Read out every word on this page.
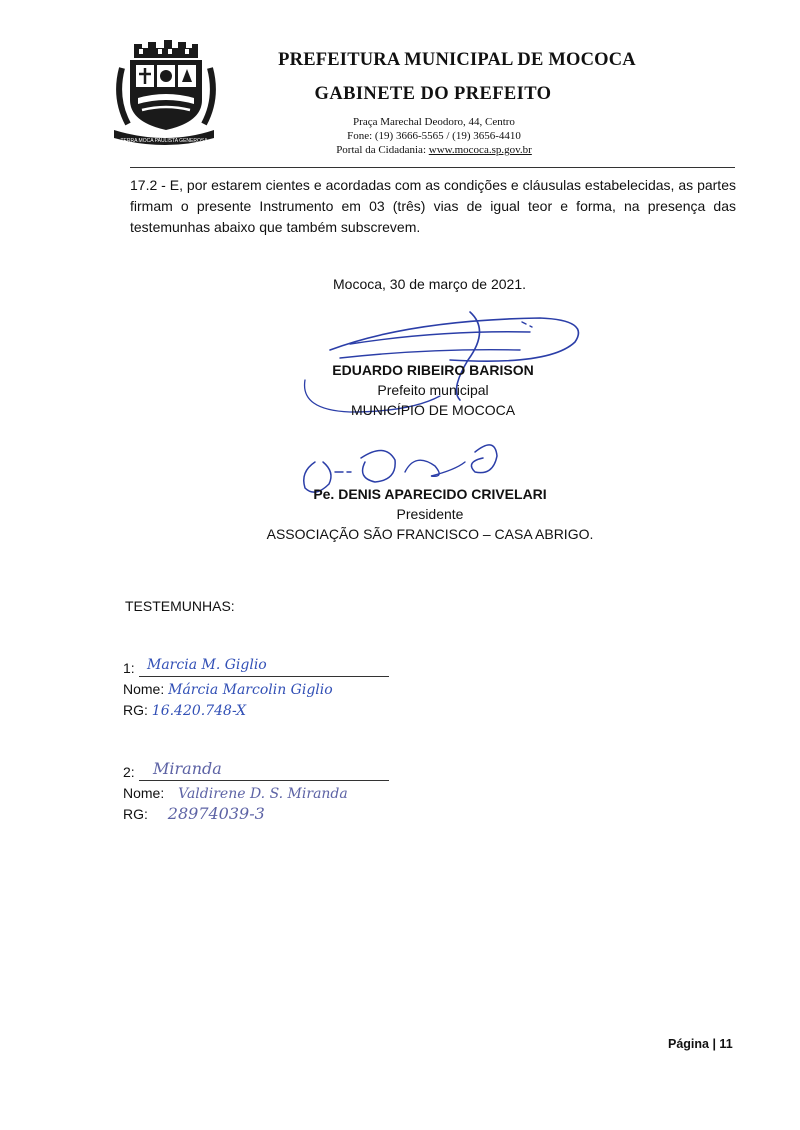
TERRA MOCA PAULISTA GENEROSA
PREFEITURA MUNICIPAL DE MOCOCA
GABINETE DO PREFEITO
Praça Marechal Deodoro, 44, Centro
Fone: (19) 3666-5565 / (19) 3656-4410
Portal da Cidadania: www.mococa.sp.gov.br
17.2 - E, por estarem cientes e acordadas com as condições e cláusulas estabelecidas, as partes firmam o presente Instrumento em 03 (três) vias de igual teor e forma, na presença das testemunhas abaixo que também subscrevem.
Mococa, 30 de março de 2021.
EDUARDO RIBEIRO BARISON
Prefeito municipal
MUNICÍPIO DE MOCOCA
Pe. DENIS APARECIDO CRIVELARI
Presidente
ASSOCIAÇÃO SÃO FRANCISCO – CASA ABRIGO.
TESTEMUNHAS:
1: Marcia M. Giglio
Nome: Márcia Marcolin Giglio
RG: 16.420.748-X
2: Miranda
Nome: Valdirene D. S. Miranda
RG: 28974039-3
Página | 11
